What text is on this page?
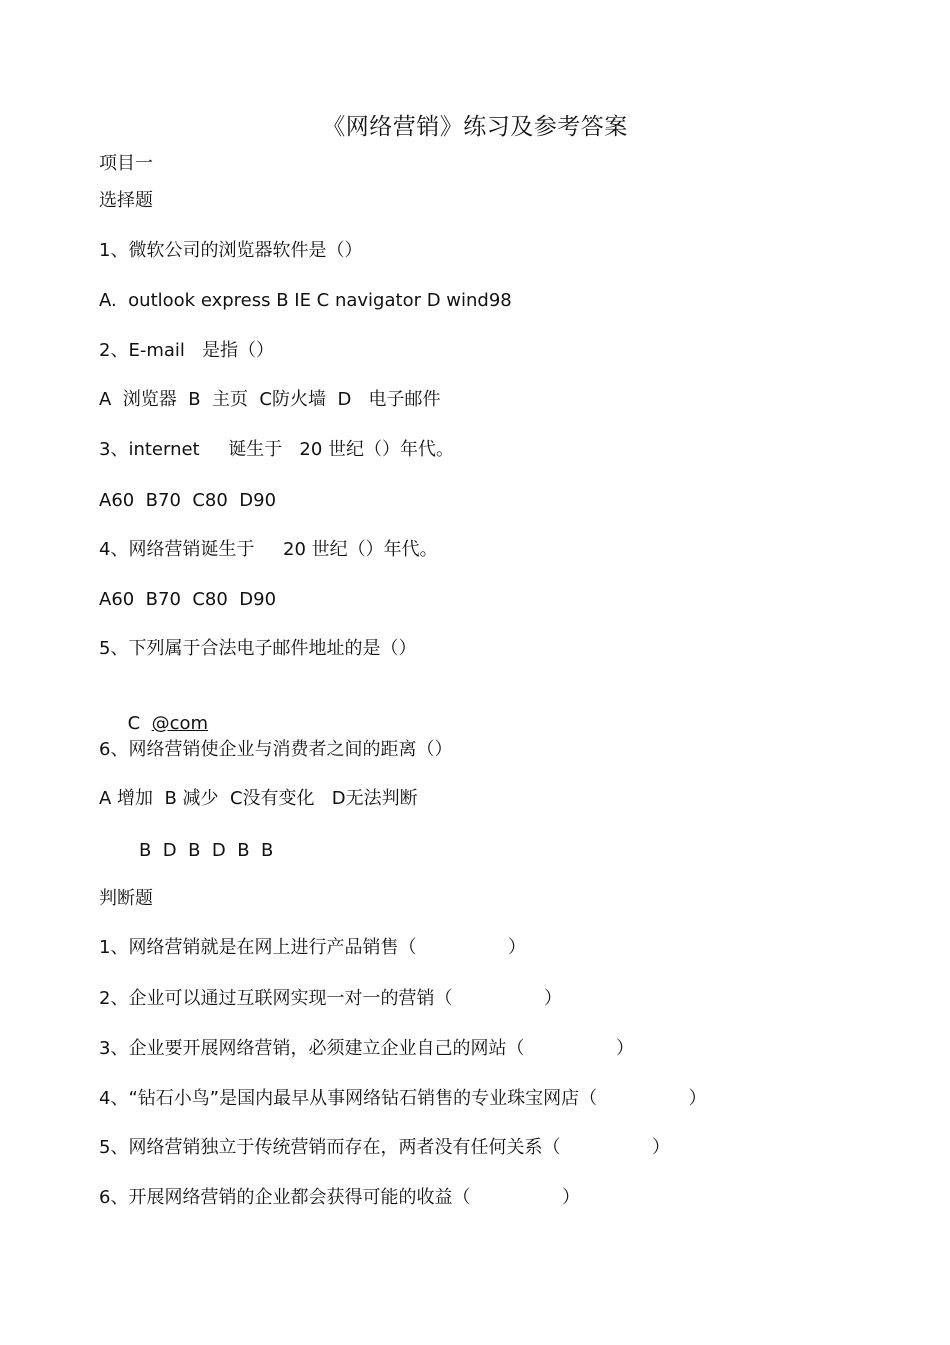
《网络营销》练习及参考答案
项目一
选择题
1、微软公司的浏览器软件是（）
A.  outlook express B IE C navigator D wind98
2、E-mail   是指（）
A  浏览器  B  主页  C防火墙  D   电子邮件
3、internet     诞生于   20 世纪（）年代。
A60  B70  C80  D90
4、网络营销诞生于     20 世纪（）年代。
A60  B70  C80  D90
5、下列属于合法电子邮件地址的是（）

C  @com

6、网络营销使企业与消费者之间的距离（）
A 增加  B 减少  C没有变化   D无法判断
B  D  B  D  B  B
判断题
1、网络营销就是在网上进行产品销售（                ）
2、企业可以通过互联网实现一对一的营销（                ）
3、企业要开展网络营销，必须建立企业自己的网站（                ）
4、“钻石小鸟”是国内最早从事网络钻石销售的专业珠宝网店（                ）
5、网络营销独立于传统营销而存在，两者没有任何关系（                ）
6、开展网络营销的企业都会获得可能的收益（                ）
